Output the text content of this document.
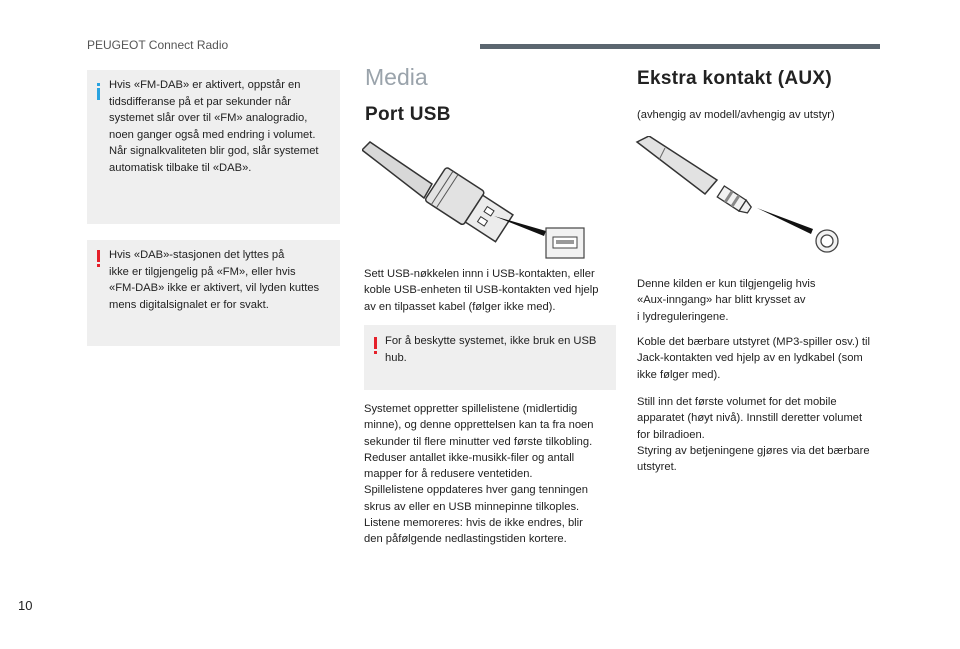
PEUGEOT Connect Radio
Hvis «FM-DAB» er aktivert, oppstår en
tidsdifferanse på et par sekunder når
systemet slår over til «FM» analogradio,
noen ganger også med endring i volumet.
Når signalkvaliteten blir god, slår systemet
automatisk tilbake til «DAB».
Hvis «DAB»-stasjonen det lyttes på
ikke er tilgjengelig på «FM», eller hvis
«FM-DAB» ikke er aktivert, vil lyden kuttes
mens digitalsignalet er for svakt.
Media
Port USB
Sett USB-nøkkelen innn i USB-kontakten, eller
koble USB-enheten til USB-kontakten ved hjelp
av en tilpasset kabel (følger ikke med).
For å beskytte systemet, ikke bruk en USB
hub.
Systemet oppretter spillelistene (midlertidig
minne), og denne opprettelsen kan ta fra noen
sekunder til flere minutter ved første tilkobling.
Reduser antallet ikke-musikk-filer og antall
mapper for å redusere ventetiden.
Spillelistene oppdateres hver gang tenningen
skrus av eller en USB minnepinne tilkoples.
Listene memoreres: hvis de ikke endres, blir
den påfølgende nedlastingstiden kortere.
Ekstra kontakt (AUX)
(avhengig av modell/avhengig av utstyr)
Denne kilden er kun tilgjengelig hvis
«Aux-inngang» har blitt krysset av
i lydreguleringene.
Koble det bærbare utstyret (MP3-spiller osv.) til
Jack-kontakten ved hjelp av en lydkabel (som
ikke følger med).
Still inn det første volumet for det mobile
apparatet (høyt nivå). Innstill deretter volumet
for bilradioen.
Styring av betjeningene gjøres via det bærbare
utstyret.
10
